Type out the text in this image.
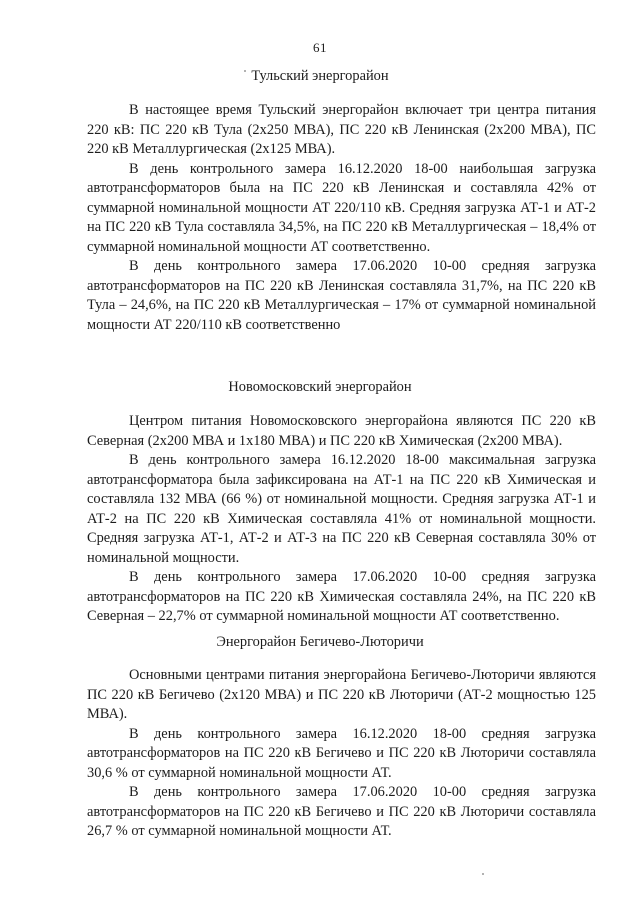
61

Тульский энергорайон

В настоящее время Тульский энергорайон включает три центра питания 220 кВ: ПС 220 кВ Тула (2х250 МВА), ПС 220 кВ Ленинская (2х200 МВА), ПС 220 кВ Металлургическая (2х125 МВА).

В день контрольного замера 16.12.2020 18-00 наибольшая загрузка автотрансформаторов была на ПС 220 кВ Ленинская и составляла 42% от суммарной номинальной мощности АТ 220/110 кВ. Средняя загрузка АТ-1 и АТ-2 на ПС 220 кВ Тула составляла 34,5%, на ПС 220 кВ Металлургическая – 18,4% от суммарной номинальной мощности АТ соответственно.

В день контрольного замера 17.06.2020 10-00 средняя загрузка автотрансформаторов на ПС 220 кВ Ленинская составляла 31,7%, на ПС 220 кВ Тула – 24,6%, на ПС 220 кВ Металлургическая – 17% от суммарной номинальной мощности АТ 220/110 кВ соответственно

Новомосковский энергорайон

Центром питания Новомосковского энергорайона являются ПС 220 кВ Северная (2х200 МВА и 1х180 МВА) и ПС 220 кВ Химическая (2х200 МВА).

В день контрольного замера 16.12.2020 18-00 максимальная загрузка автотрансформатора была зафиксирована на АТ-1 на ПС 220 кВ Химическая и составляла 132 МВА (66 %) от номинальной мощности. Средняя загрузка АТ-1 и АТ-2 на ПС 220 кВ Химическая составляла 41% от номинальной мощности. Средняя загрузка АТ-1, АТ-2 и АТ-3 на ПС 220 кВ Северная составляла 30% от номинальной мощности.

В день контрольного замера 17.06.2020 10-00 средняя загрузка автотрансформаторов на ПС 220 кВ Химическая составляла 24%, на ПС 220 кВ Северная – 22,7% от суммарной номинальной мощности АТ соответственно.

Энергорайон Бегичево-Люторичи

Основными центрами питания энергорайона Бегичево-Люторичи являются ПС 220 кВ Бегичево (2х120 МВА) и ПС 220 кВ Люторичи (АТ-2 мощностью 125 МВА).

В день контрольного замера 16.12.2020 18-00 средняя загрузка автотрансформаторов на ПС 220 кВ Бегичево и ПС 220 кВ Люторичи составляла 30,6 % от суммарной номинальной мощности АТ.

В день контрольного замера 17.06.2020 10-00 средняя загрузка автотрансформаторов на ПС 220 кВ Бегичево и ПС 220 кВ Люторичи составляла 26,7 % от суммарной номинальной мощности АТ.
